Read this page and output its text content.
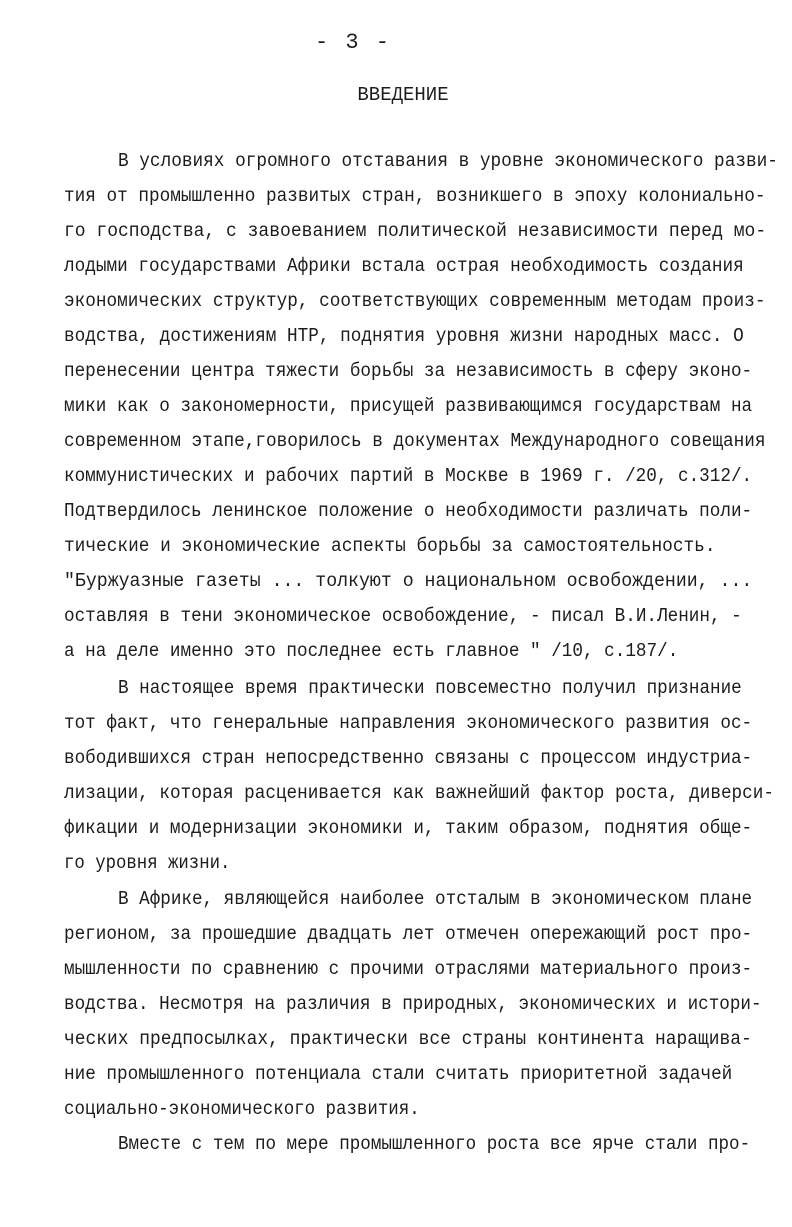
- 3 -
ВВЕДЕНИЕ
В условиях огромного отставания в уровне экономического разви-
тия от промышленно развитых стран, возникшего в эпоху колониально-
го господства, с завоеванием политической независимости перед мо-
лодыми государствами Африки встала острая необходимость создания
экономических структур, соответствующих современным методам произ-
водства, достижениям НТР, поднятия уровня жизни народных масс. О
перенесении центра тяжести борьбы за независимость в сферу эконо-
мики как о закономерности, присущей развивающимся государствам на
современном этапе,говорилось в документах Международного совещания
коммунистических и рабочих партий в Москве в 1969 г. /20, с.312/.
Подтвердилось ленинское положение о необходимости различать поли-
тические и экономические аспекты борьбы за самостоятельность.
"Буржуазные газеты ... толкуют о национальном освобождении, ...
оставляя в тени экономическое освобождение, - писал В.И.Ленин, -
а на деле именно это последнее есть главное " /10, с.187/.
В настоящее время практически повсеместно получил признание
тот факт, что генеральные направления экономического развития ос-
вободившихся стран непосредственно связаны с процессом индустриа-
лизации, которая расценивается как важнейший фактор роста, диверси-
фикации и модернизации экономики и, таким образом, поднятия обще-
го уровня жизни.
В Африке, являющейся наиболее отсталым в экономическом плане
регионом, за прошедшие двадцать лет отмечен опережающий рост про-
мышленности по сравнению с прочими отраслями материального произ-
водства. Несмотря на различия в природных, экономических и истори-
ческих предпосылках, практически все страны континента наращива-
ние промышленного потенциала стали считать приоритетной задачей
социально-экономического развития.
Вместе с тем по мере промышленного роста все ярче стали про-
